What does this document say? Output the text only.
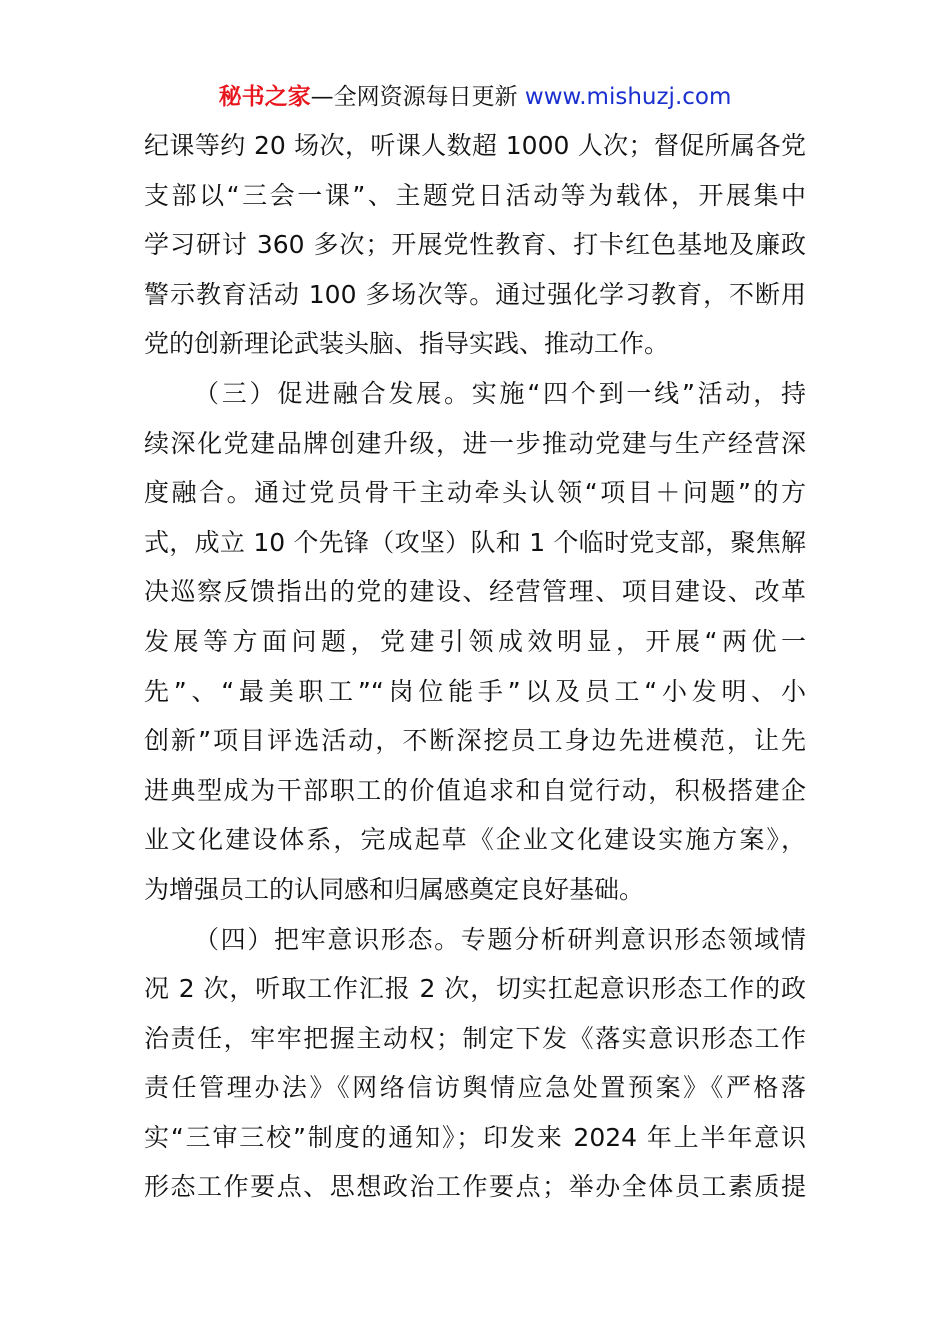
秘书之家—全网资源每日更新 www.mishuzj.com
纪课等约 20 场次，听课人数超 1000 人次；督促所属各党
支部以“三会一课”、主题党日活动等为载体，开展集中
学习研讨 360 多次；开展党性教育、打卡红色基地及廉政
警示教育活动 100 多场次等。通过强化学习教育，不断用
党的创新理论武装头脑、指导实践、推动工作。
（三）促进融合发展。实施“四个到一线”活动，持
续深化党建品牌创建升级，进一步推动党建与生产经营深
度融合。通过党员骨干主动牵头认领“项目＋问题”的方
式，成立 10 个先锋（攻坚）队和 1 个临时党支部，聚焦解
决巡察反馈指出的党的建设、经营管理、项目建设、改革
发展等方面问题，党建引领成效明显，开展“两优一
先”、“最美职工”“岗位能手”以及员工“小发明、小
创新”项目评选活动，不断深挖员工身边先进模范，让先
进典型成为干部职工的价值追求和自觉行动，积极搭建企
业文化建设体系，完成起草《企业文化建设实施方案》，
为增强员工的认同感和归属感奠定良好基础。
（四）把牢意识形态。专题分析研判意识形态领域情
况 2 次，听取工作汇报 2 次，切实扛起意识形态工作的政
治责任，牢牢把握主动权；制定下发《落实意识形态工作
责任管理办法》《网络信访舆情应急处置预案》《严格落
实“三审三校”制度的通知》；印发来 2024 年上半年意识
形态工作要点、思想政治工作要点；举办全体员工素质提
